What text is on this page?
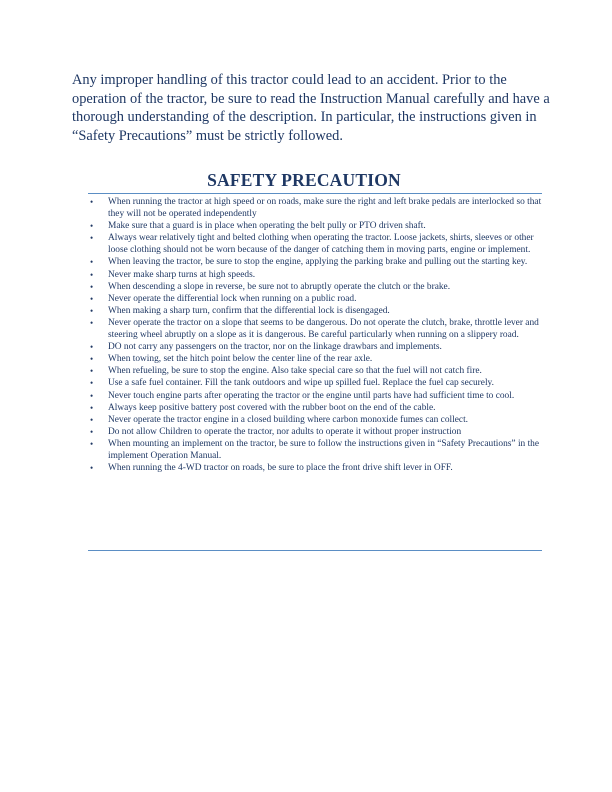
Any improper handling of this tractor could lead to an accident. Prior to the operation of the tractor, be sure to read the Instruction Manual carefully and have a thorough understanding of the description. In particular, the instructions given in “Safety Precautions” must be strictly followed.

SAFETY PRECAUTION
• When running the tractor at high speed or on roads, make sure the right and left brake pedals are interlocked so that they will not be operated independently
• Make sure that a guard is in place when operating the belt pully or PTO driven shaft.
• Always wear relatively tight and belted clothing when operating the tractor. Loose jackets, shirts, sleeves or other loose clothing should not be worn because of the danger of catching them in moving parts, engine or implement.
• When leaving the tractor, be sure to stop the engine, applying the parking brake and pulling out the starting key.
• Never make sharp turns at high speeds.
• When descending a slope in reverse, be sure not to abruptly operate the clutch or the brake.
• Never operate the differential lock when running on a public road.
• When making a sharp turn, confirm that the differential lock is disengaged.
• Never operate the tractor on a slope that seems to be dangerous. Do not operate the clutch, brake, throttle lever and steering wheel abruptly on a slope as it is dangerous. Be careful particularly when running on a slippery road.
• DO not carry any passengers on the tractor, nor on the linkage drawbars and implements.
• When towing, set the hitch point below the center line of the rear axle.
• When refueling, be sure to stop the engine. Also take special care so that the fuel will not catch fire.
• Use a safe fuel container. Fill the tank outdoors and wipe up spilled fuel. Replace the fuel cap securely.
• Never touch engine parts after operating the tractor or the engine until parts have had sufficient time to cool.
• Always keep positive battery post covered with the rubber boot on the end of the cable.
• Never operate the tractor engine in a closed building where carbon monoxide fumes can collect.
• Do not allow Children to operate the tractor, nor adults to operate it without proper instruction
• When mounting an implement on the tractor, be sure to follow the instructions given in “Safety Precautions” in the implement Operation Manual.
• When running the 4-WD tractor on roads, be sure to place the front drive shift lever in OFF.
